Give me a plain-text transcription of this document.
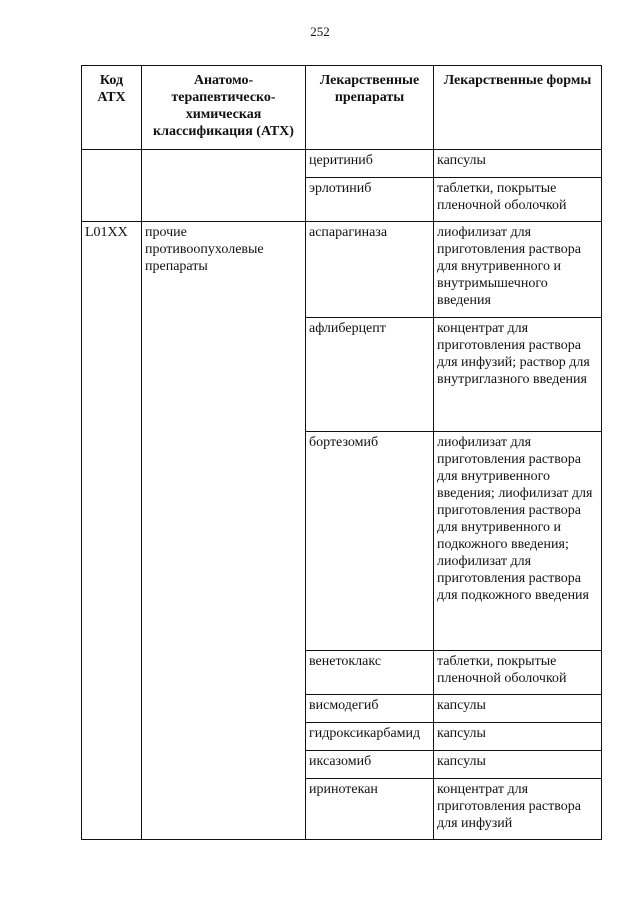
252
Код АТХ	Анатомо-терапевтическо-химическая классификация (АТХ)	Лекарственные препараты	Лекарственные формы
		церитиниб	капсулы
		эрлотиниб	таблетки, покрытые пленочной оболочкой
L01XX	прочие противоопухолевые препараты	аспарагиназа	лиофилизат для приготовления раствора для внутривенного и внутримышечного введения
		афлиберцепт	концентрат для приготовления раствора для инфузий; раствор для внутриглазного введения
		бортезомиб	лиофилизат для приготовления раствора для внутривенного введения; лиофилизат для приготовления раствора для внутривенного и подкожного введения; лиофилизат для приготовления раствора для подкожного введения
		венетоклакс	таблетки, покрытые пленочной оболочкой
		висмодегиб	капсулы
		гидроксикарбамид	капсулы
		иксазомиб	капсулы
		иринотекан	концентрат для приготовления раствора для инфузий
